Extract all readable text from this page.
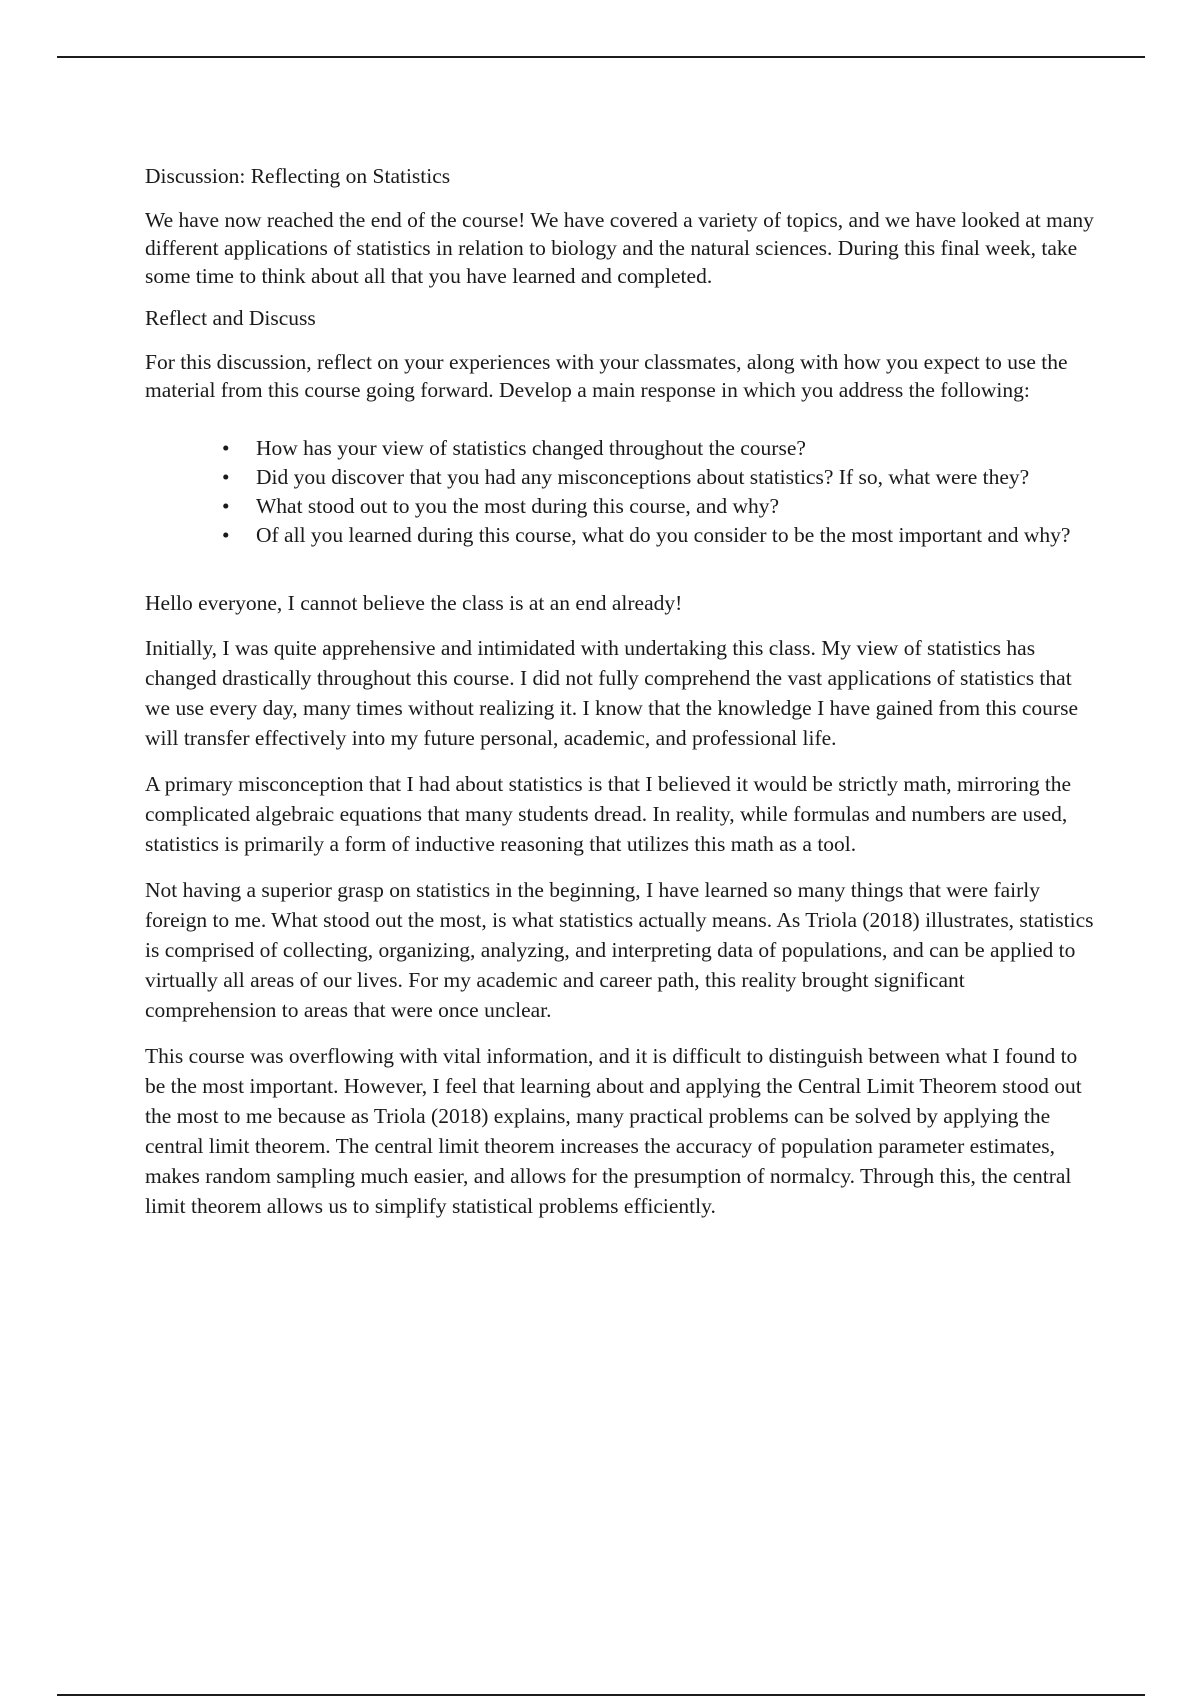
Discussion: Reflecting on Statistics

We have now reached the end of the course! We have covered a variety of topics, and we have looked at many different applications of statistics in relation to biology and the natural sciences. During this final week, take some time to think about all that you have learned and completed.

Reflect and Discuss

For this discussion, reflect on your experiences with your classmates, along with how you expect to use the material from this course going forward. Develop a main response in which you address the following:

• How has your view of statistics changed throughout the course?
• Did you discover that you had any misconceptions about statistics? If so, what were they?
• What stood out to you the most during this course, and why?
• Of all you learned during this course, what do you consider to be the most important and why?

Hello everyone, I cannot believe the class is at an end already!

Initially, I was quite apprehensive and intimidated with undertaking this class. My view of statistics has changed drastically throughout this course. I did not fully comprehend the vast applications of statistics that we use every day, many times without realizing it. I know that the knowledge I have gained from this course will transfer effectively into my future personal, academic, and professional life.

A primary misconception that I had about statistics is that I believed it would be strictly math, mirroring the complicated algebraic equations that many students dread. In reality, while formulas and numbers are used, statistics is primarily a form of inductive reasoning that utilizes this math as a tool.

Not having a superior grasp on statistics in the beginning, I have learned so many things that were fairly foreign to me. What stood out the most, is what statistics actually means. As Triola (2018) illustrates, statistics is comprised of collecting, organizing, analyzing, and interpreting data of populations, and can be applied to virtually all areas of our lives. For my academic and career path, this reality brought significant comprehension to areas that were once unclear.

This course was overflowing with vital information, and it is difficult to distinguish between what I found to be the most important. However, I feel that learning about and applying the Central Limit Theorem stood out the most to me because as Triola (2018) explains, many practical problems can be solved by applying the central limit theorem. The central limit theorem increases the accuracy of population parameter estimates, makes random sampling much easier, and allows for the presumption of normalcy. Through this, the central limit theorem allows us to simplify statistical problems efficiently.
